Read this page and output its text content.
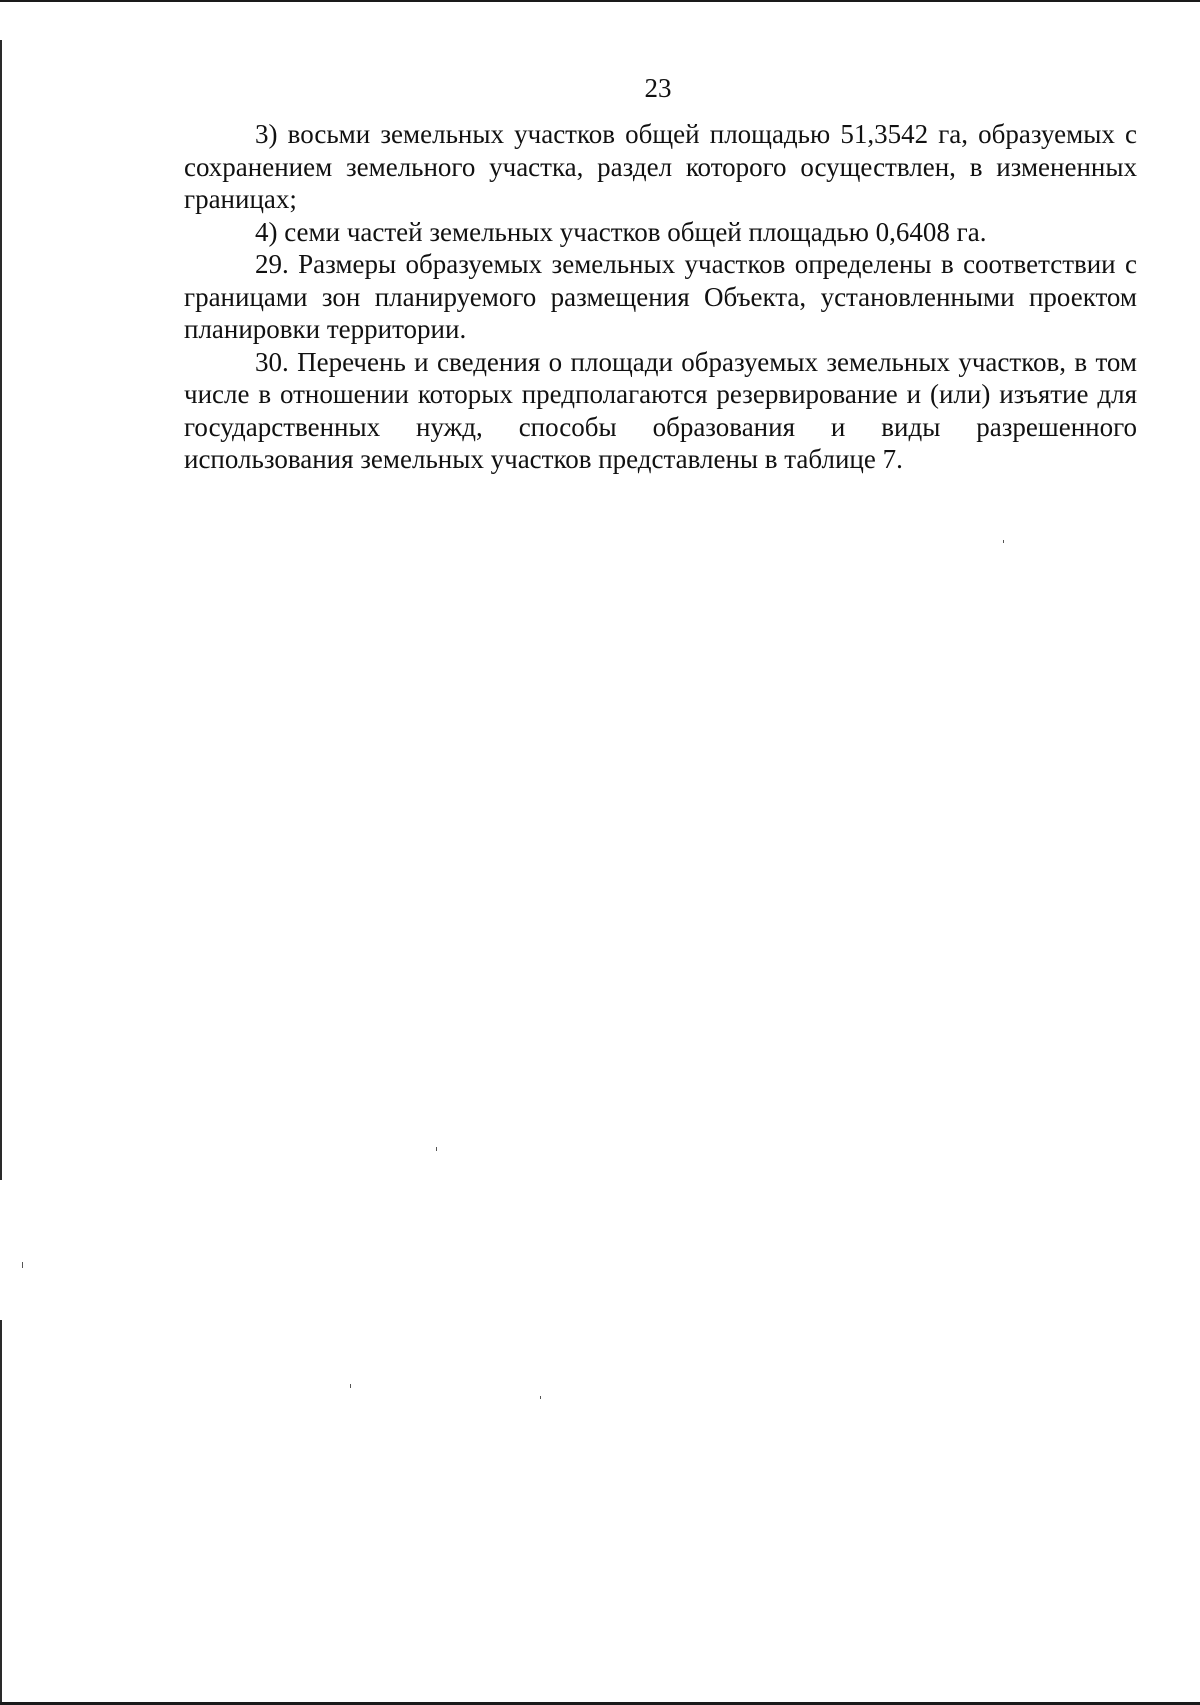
23

3) восьми земельных участков общей площадью 51,3542 га, образуемых с сохранением земельного участка, раздел которого осуществлен, в измененных границах;

4) семи частей земельных участков общей площадью 0,6408 га.

29. Размеры образуемых земельных участков определены в соответствии с границами зон планируемого размещения Объекта, установленными проектом планировки территории.

30. Перечень и сведения о площади образуемых земельных участков, в том числе в отношении которых предполагаются резервирование и (или) изъятие для государственных нужд, способы образования и виды разрешенного использования земельных участков представлены в таблице 7.
